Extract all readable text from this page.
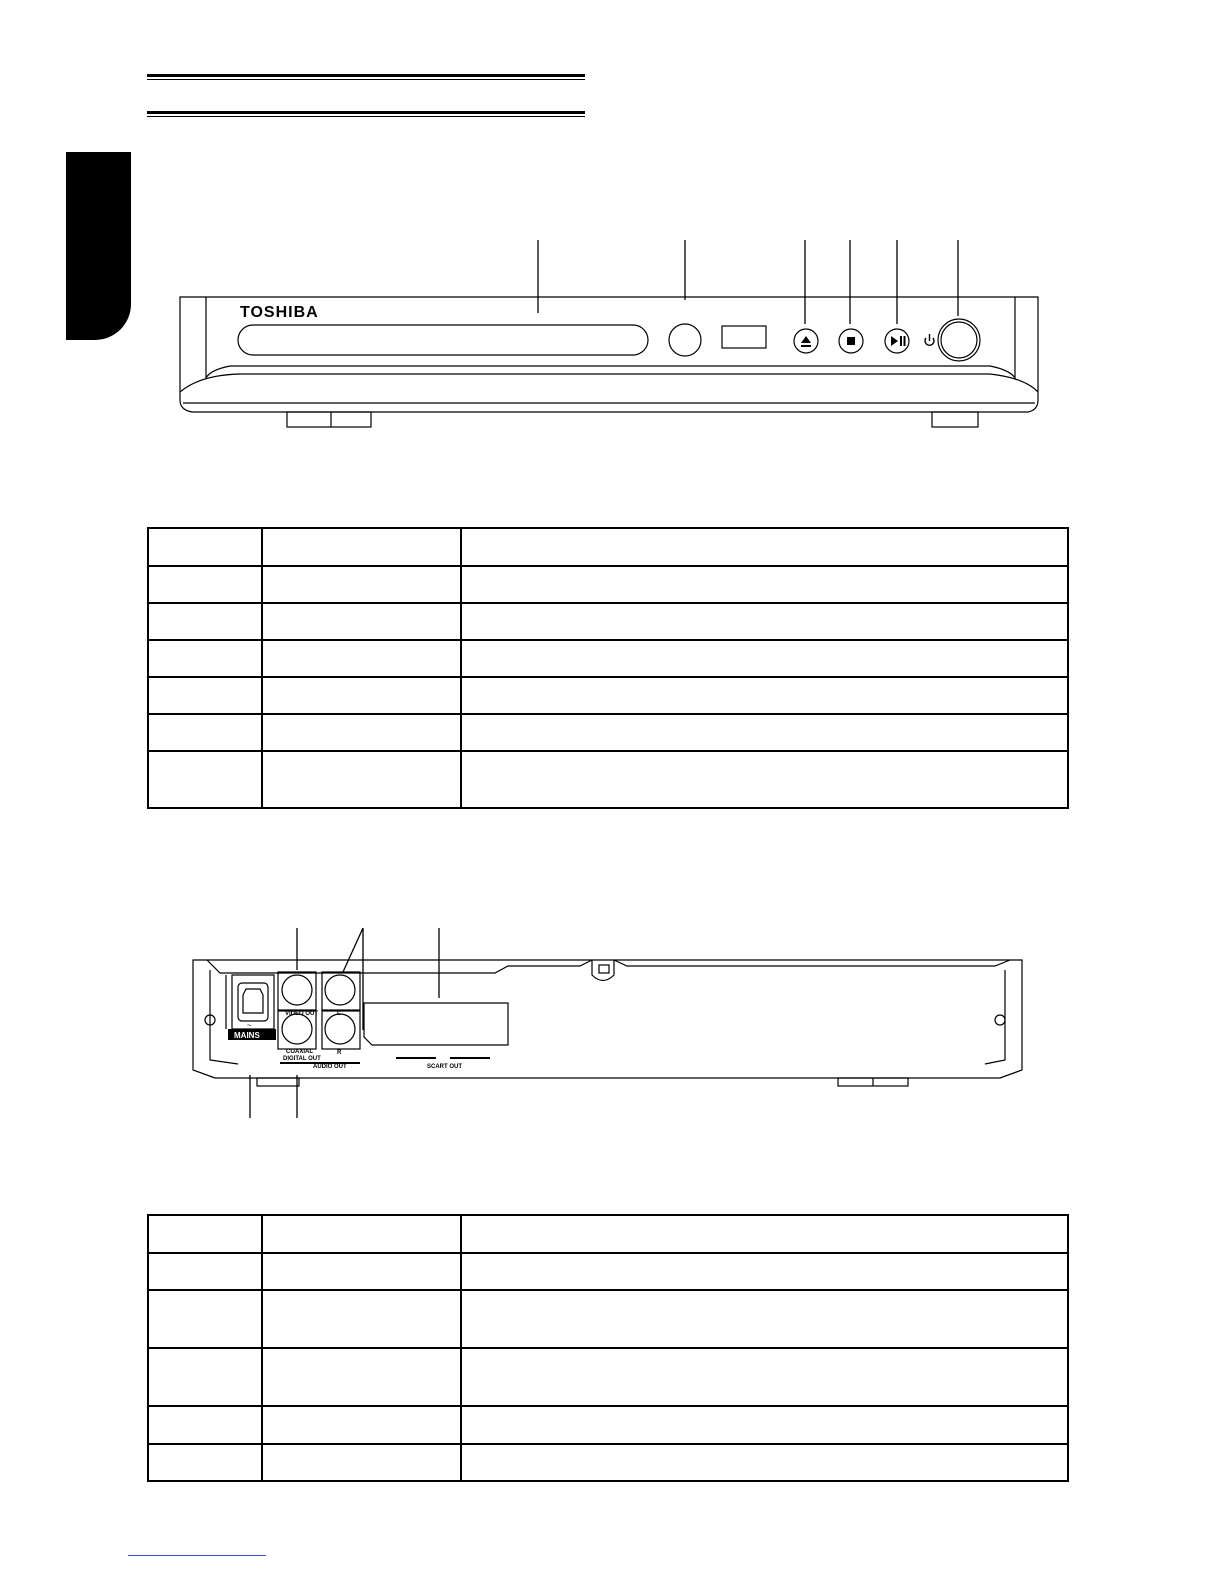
TOSHIBA

VIDEO OUT	L
R
COAXIAL
DIGITAL OUT
AUDIO OUT	SCART OUT
MAINS
~
